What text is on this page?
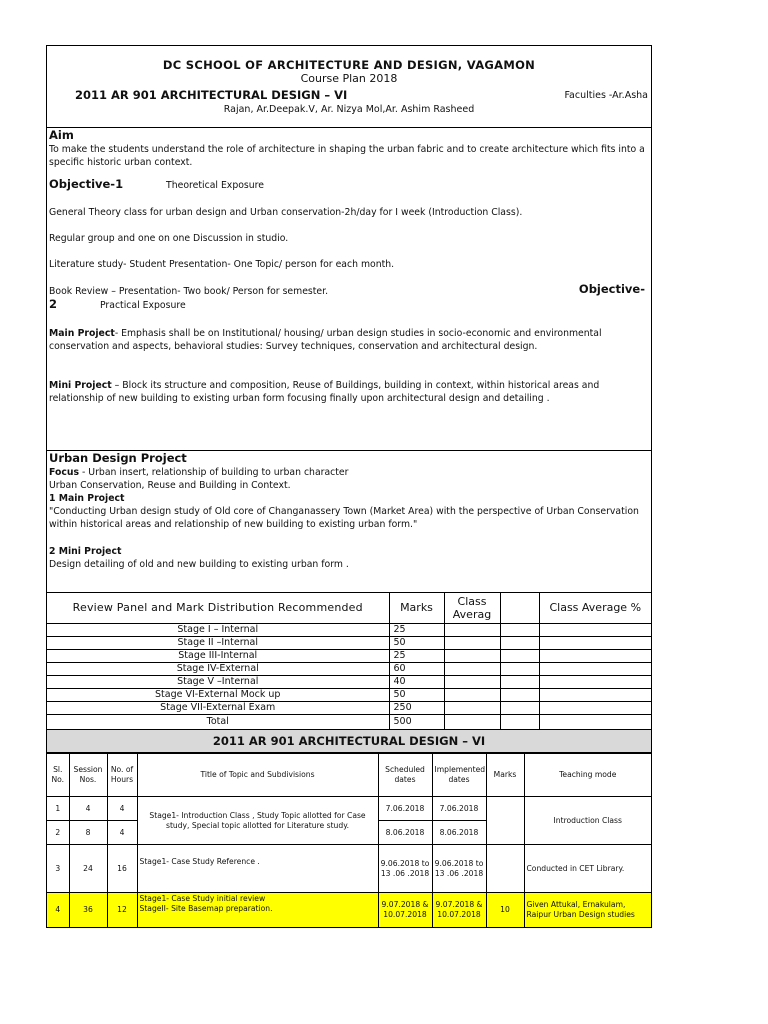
DC SCHOOL OF ARCHITECTURE AND DESIGN, VAGAMON
Course Plan 2018
2011 AR 901 ARCHITECTURAL DESIGN – VI	Faculties -Ar.Asha
Rajan, Ar.Deepak.V, Ar. Nizya Mol,Ar. Ashim Rasheed

Aim

To make the students understand the role of architecture in shaping the urban fabric and to create architecture which fits into a specific historic urban context.

Objective-1	Theoretical Exposure

General Theory class for urban design and Urban conservation-2h/day for I week (Introduction Class).

Regular group and one on one Discussion in studio.

Literature study- Student Presentation- One Topic/ person for each month.

Book Review – Presentation- Two book/ Person for semester.	Objective-

2	Practical Exposure

Main Project- Emphasis shall be on Institutional/ housing/ urban design studies in socio-economic and environmental conservation and aspects, behavioral studies: Survey techniques, conservation and architectural design.

Mini Project – Block its structure and composition, Reuse of Buildings, building in context, within historical areas and relationship of new building to existing urban form focusing finally upon architectural design and detailing .

Urban Design Project

Focus - Urban insert, relationship of building to urban character

Urban Conservation, Reuse and Building in Context.

1 Main Project

"Conducting Urban design study of Old core of Changanassery Town (Market Area) with the perspective of Urban Conservation within historical areas and relationship of new building to existing urban form."

2 Mini Project

Design detailing of old and new building to existing urban form .

Review Panel and Mark Distribution Recommended	Marks	Class Averag		Class Average %
Stage I – Internal	25			
Stage II –Internal	50			
Stage III-Internal	25			
Stage IV-External	60			
Stage V –Internal	40			
Stage VI-External Mock up	50			
Stage VII-External Exam	250			
Total	500			
2011 AR 901 ARCHITECTURAL DESIGN – VI
Sl. No.	Session Nos.	No. of Hours	Title of Topic and Subdivisions	Scheduled dates	Implemented dates	Marks	Teaching mode
1	4	4	Stage1- Introduction Class , Study Topic allotted for Case study, Special topic allotted for Literature study.	7.06.2018	7.06.2018		Introduction Class
2	8	4		8.06.2018	8.06.2018		
3	24	16	Stage1- Case Study Reference .	9.06.2018 to 13 .06 .2018	9.06.2018 to 13 .06 .2018		Conducted in CET Library.
4	36	12	Stage1- Case Study initial review
StageII- Site Basemap preparation.	9.07.2018 & 10.07.2018	9.07.2018 & 10.07.2018	10	Given Attukal, Ernakulam, Raipur Urban Design studies
